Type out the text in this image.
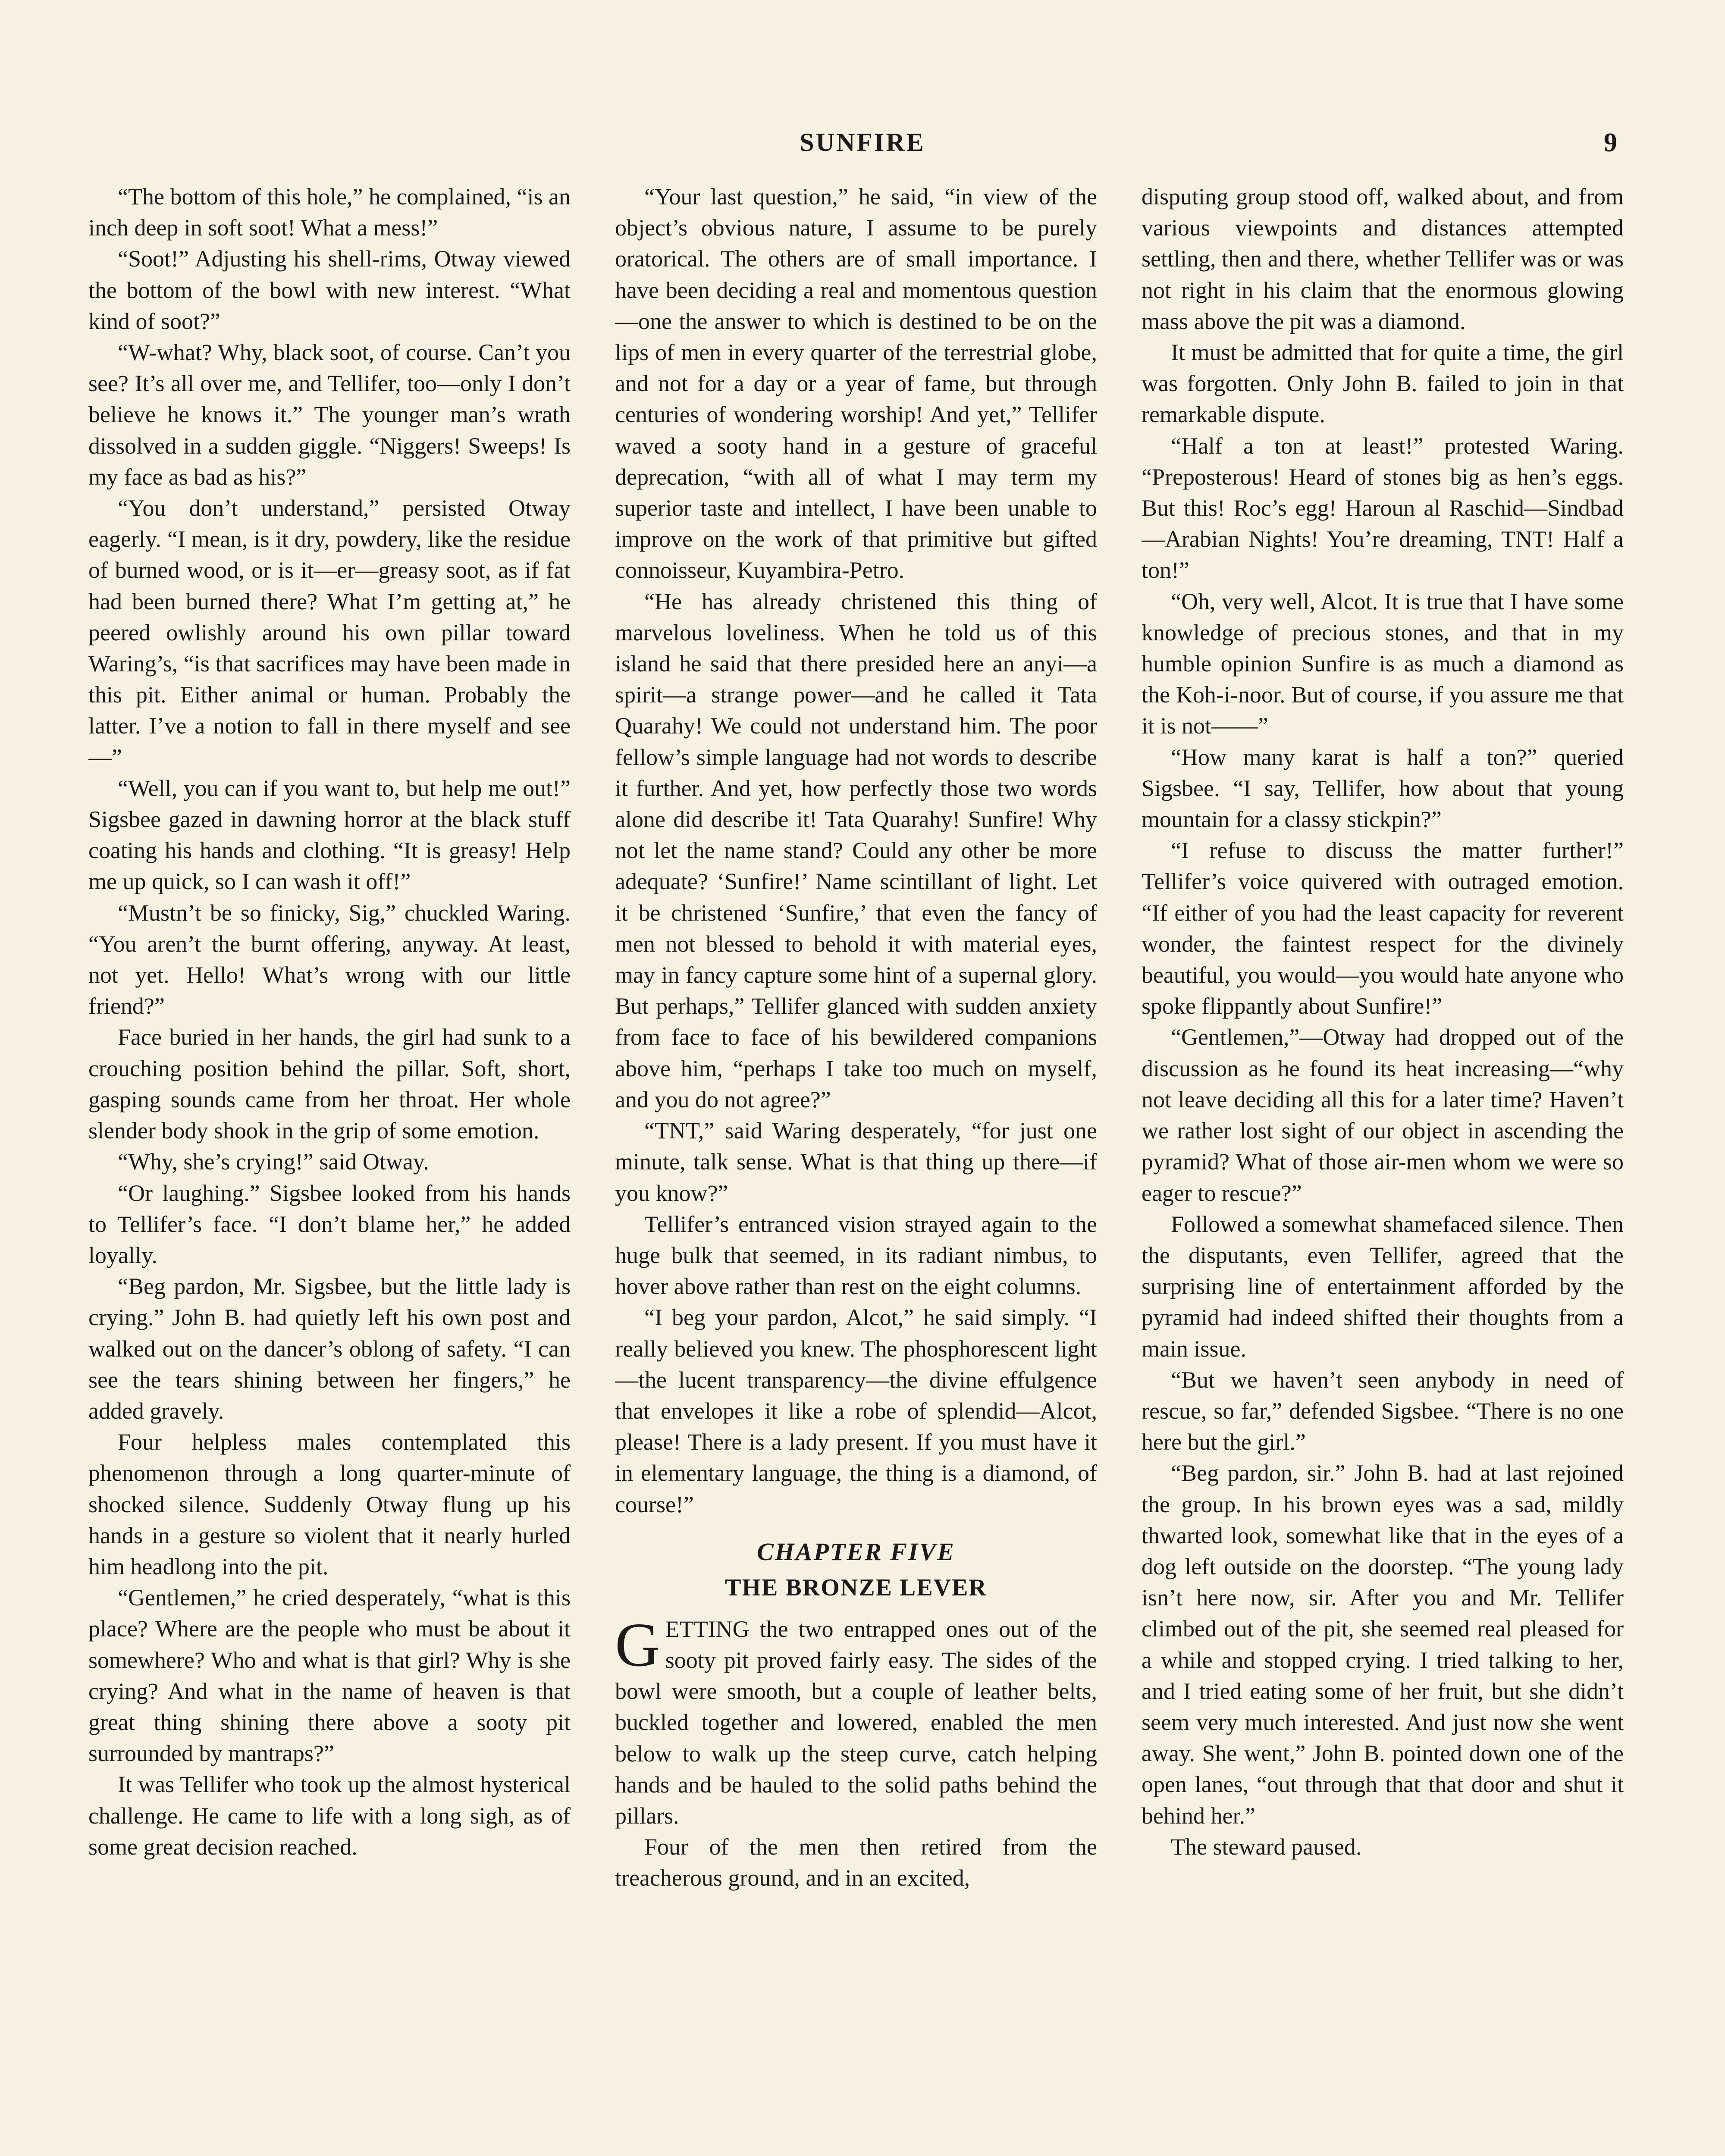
SUNFIRE	9

“The bottom of this hole,” he complained, “is an inch deep in soft soot! What a mess!”

“Soot!” Adjusting his shell-rims, Otway viewed the bottom of the bowl with new interest. “What kind of soot?”

“W-what? Why, black soot, of course. Can’t you see? It’s all over me, and Tellifer, too—only I don’t believe he knows it.” The younger man’s wrath dissolved in a sudden giggle. “Niggers! Sweeps! Is my face as bad as his?”

“You don’t understand,” persisted Otway eagerly. “I mean, is it dry, powdery, like the residue of burned wood, or is it—er—greasy soot, as if fat had been burned there? What I’m getting at,” he peered owlishly around his own pillar toward Waring’s, “is that sacrifices may have been made in this pit. Either animal or human. Probably the latter. I’ve a notion to fall in there myself and see—”

“Well, you can if you want to, but help me out!” Sigsbee gazed in dawning horror at the black stuff coating his hands and clothing. “It is greasy! Help me up quick, so I can wash it off!”

“Mustn’t be so finicky, Sig,” chuckled Waring. “You aren’t the burnt offering, anyway. At least, not yet. Hello! What’s wrong with our little friend?”

Face buried in her hands, the girl had sunk to a crouching position behind the pillar. Soft, short, gasping sounds came from her throat. Her whole slender body shook in the grip of some emotion.

“Why, she’s crying!” said Otway.

“Or laughing.” Sigsbee looked from his hands to Tellifer’s face. “I don’t blame her,” he added loyally.

“Beg pardon, Mr. Sigsbee, but the little lady is crying.” John B. had quietly left his own post and walked out on the dancer’s oblong of safety. “I can see the tears shining between her fingers,” he added gravely.

Four helpless males contemplated this phenomenon through a long quarter-minute of shocked silence. Suddenly Otway flung up his hands in a gesture so violent that it nearly hurled him headlong into the pit.

“Gentlemen,” he cried desperately, “what is this place? Where are the people who must be about it somewhere? Who and what is that girl? Why is she crying? And what in the name of heaven is that great thing shining there above a sooty pit surrounded by mantraps?”

It was Tellifer who took up the almost hysterical challenge. He came to life with a long sigh, as of some great decision reached.

“Your last question,” he said, “in view of the object’s obvious nature, I assume to be purely oratorical. The others are of small importance. I have been deciding a real and momentous question—one the answer to which is destined to be on the lips of men in every quarter of the terrestrial globe, and not for a day or a year of fame, but through centuries of wondering worship! And yet,” Tellifer waved a sooty hand in a gesture of graceful deprecation, “with all of what I may term my superior taste and intellect, I have been unable to improve on the work of that primitive but gifted connoisseur, Kuyambira-Petro.

“He has already christened this thing of marvelous loveliness. When he told us of this island he said that there presided here an anyi—a spirit—a strange power—and he called it Tata Quarahy! We could not understand him. The poor fellow’s simple language had not words to describe it further. And yet, how perfectly those two words alone did describe it! Tata Quarahy! Sunfire! Why not let the name stand? Could any other be more adequate? ‘Sunfire!’ Name scintillant of light. Let it be christened ‘Sunfire,’ that even the fancy of men not blessed to behold it with material eyes, may in fancy capture some hint of a supernal glory. But perhaps,” Tellifer glanced with sudden anxiety from face to face of his bewildered companions above him, “perhaps I take too much on myself, and you do not agree?”

“TNT,” said Waring desperately, “for just one minute, talk sense. What is that thing up there—if you know?”

Tellifer’s entranced vision strayed again to the huge bulk that seemed, in its radiant nimbus, to hover above rather than rest on the eight columns.

“I beg your pardon, Alcot,” he said simply. “I really believed you knew. The phosphorescent light—the lucent transparency—the divine effulgence that envelopes it like a robe of splendid—Alcot, please! There is a lady present. If you must have it in elementary language, the thing is a diamond, of course!”

CHAPTER FIVE
THE BRONZE LEVER

GETTING the two entrapped ones out of the sooty pit proved fairly easy. The sides of the bowl were smooth, but a couple of leather belts, buckled together and lowered, enabled the men below to walk up the steep curve, catch helping hands and be hauled to the solid paths behind the pillars.

Four of the men then retired from the treacherous ground, and in an excited,

disputing group stood off, walked about, and from various viewpoints and distances attempted settling, then and there, whether Tellifer was or was not right in his claim that the enormous glowing mass above the pit was a diamond.

It must be admitted that for quite a time, the girl was forgotten. Only John B. failed to join in that remarkable dispute.

“Half a ton at least!” protested Waring. “Preposterous! Heard of stones big as hen’s eggs. But this! Roc’s egg! Haroun al Raschid—Sindbad—Arabian Nights! You’re dreaming, TNT! Half a ton!”

“Oh, very well, Alcot. It is true that I have some knowledge of precious stones, and that in my humble opinion Sunfire is as much a diamond as the Koh-i-noor. But of course, if you assure me that it is not——”

“How many karat is half a ton?” queried Sigsbee. “I say, Tellifer, how about that young mountain for a classy stickpin?”

“I refuse to discuss the matter further!” Tellifer’s voice quivered with outraged emotion. “If either of you had the least capacity for reverent wonder, the faintest respect for the divinely beautiful, you would—you would hate anyone who spoke flippantly about Sunfire!”

“Gentlemen,”—Otway had dropped out of the discussion as he found its heat increasing—“why not leave deciding all this for a later time? Haven’t we rather lost sight of our object in ascending the pyramid? What of those air-men whom we were so eager to rescue?”

Followed a somewhat shamefaced silence. Then the disputants, even Tellifer, agreed that the surprising line of entertainment afforded by the pyramid had indeed shifted their thoughts from a main issue.

“But we haven’t seen anybody in need of rescue, so far,” defended Sigsbee. “There is no one here but the girl.”

“Beg pardon, sir.” John B. had at last rejoined the group. In his brown eyes was a sad, mildly thwarted look, somewhat like that in the eyes of a dog left outside on the doorstep. “The young lady isn’t here now, sir. After you and Mr. Tellifer climbed out of the pit, she seemed real pleased for a while and stopped crying. I tried talking to her, and I tried eating some of her fruit, but she didn’t seem very much interested. And just now she went away. She went,” John B. pointed down one of the open lanes, “out through that that door and shut it behind her.”

The steward paused.
